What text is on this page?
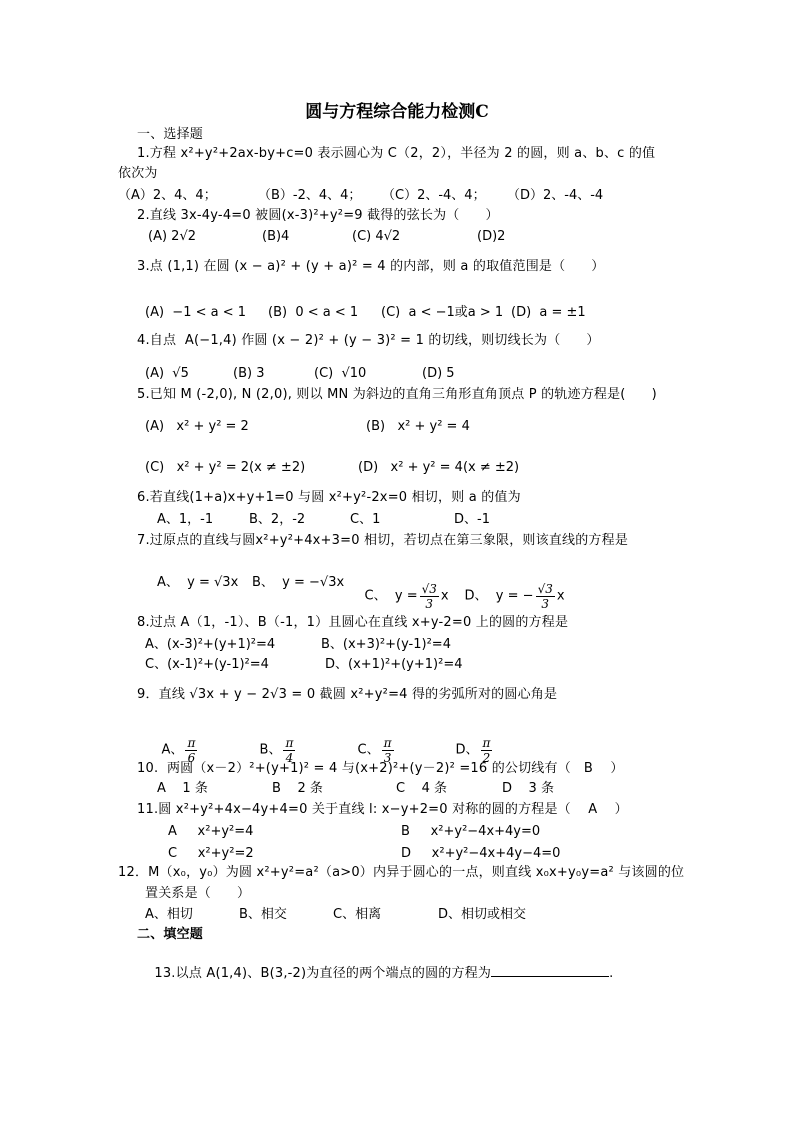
圆与方程综合能力检测C
一、选择题
1.方程 x²+y²+2ax-by+c=0 表示圆心为 C（2，2），半径为 2 的圆，则 a、b、c 的值
依次为
（A）2、4、4；	（B）-2、4、4； （C）2、-4、4； （D）2、-4、-4
2.直线 3x-4y-4=0 被圆(x-3)²+y²=9 截得的弦长为（      ）
(A) 2√2	(B)4	(C) 4√2	(D)2
3.点 (1,1) 在圆 (x − a)² + (y + a)² = 4 的内部，则 a 的取值范围是（      ）
(A)  −1 < a < 1 (B)  0 < a < 1 (C)  a < −1或a > 1 (D)  a = ±1
4.自点  A(−1,4) 作圆 (x − 2)² + (y − 3)² = 1 的切线，则切线长为（      ）
(A)  √5	(B) 3	(C)  √10	(D) 5
5.已知 M (-2,0), N (2,0), 则以 MN 为斜边的直角三角形直角顶点 P 的轨迹方程是(      )
(A)   x² + y² = 2	(B)   x² + y² = 4
(C)   x² + y² = 2(x ≠ ±2)	(D)   x² + y² = 4(x ≠ ±2)
6.若直线(1+a)x+y+1=0 与圆 x²+y²-2x=0 相切，则 a 的值为
A、1，-1	B、2，-2	C、1	D、-1
7.过原点的直线与圆x²+y²+4x+3=0 相切，若切点在第三象限，则该直线的方程是
A、  y = √3x B、  y = −√3x

C、  $y = \frac{√3}{3}$ x
	D、  y = − $\frac{√3}{3}$ x

8.过点 A（1，-1）、B（-1，1）且圆心在直线 x+y-2=0 上的圆的方程是
A、(x-3)²+(y+1)²=4	B、(x+3)²+(y-1)²=4
C、(x-1)²+(y-1)²=4	D、(x+1)²+(y+1)²=4
9．直线 √3x + y − 2√3 = 0 截圆 x²+y²=4 得的劣弧所对的圆心角是

A、 $\frac{\pi}{6}$

	B、 $\frac{\pi}{4}$

	C、 $\frac{\pi}{3}$

	D、 $\frac{\pi}{2}$

10.  两圆（x－2）²+(y+1)² = 4 与(x+2)²+(y－2)² =16 的公切线有（   B    ）
A    1 条	B    2 条	C    4 条	D    3 条
11.圆 x²+y²+4x−4y+4=0 关于直线 l: x−y+2=0 对称的圆的方程是（    A    ）
A     x²+y²=4	B     x²+y²−4x+4y=0
C     x²+y²=2	D     x²+y²−4x+4y−4=0
12．M（x₀，y₀）为圆 x²+y²=a²（a>0）内异于圆心的一点，则直线 x₀x+y₀y=a² 与该圆的位
置关系是（      ）
A、相切	B、相交	C、相离	D、相切或相交
二、填空题

13.以点 A(1,4)、B(3,-2)为直径的两个端点的圆的方程为	.
